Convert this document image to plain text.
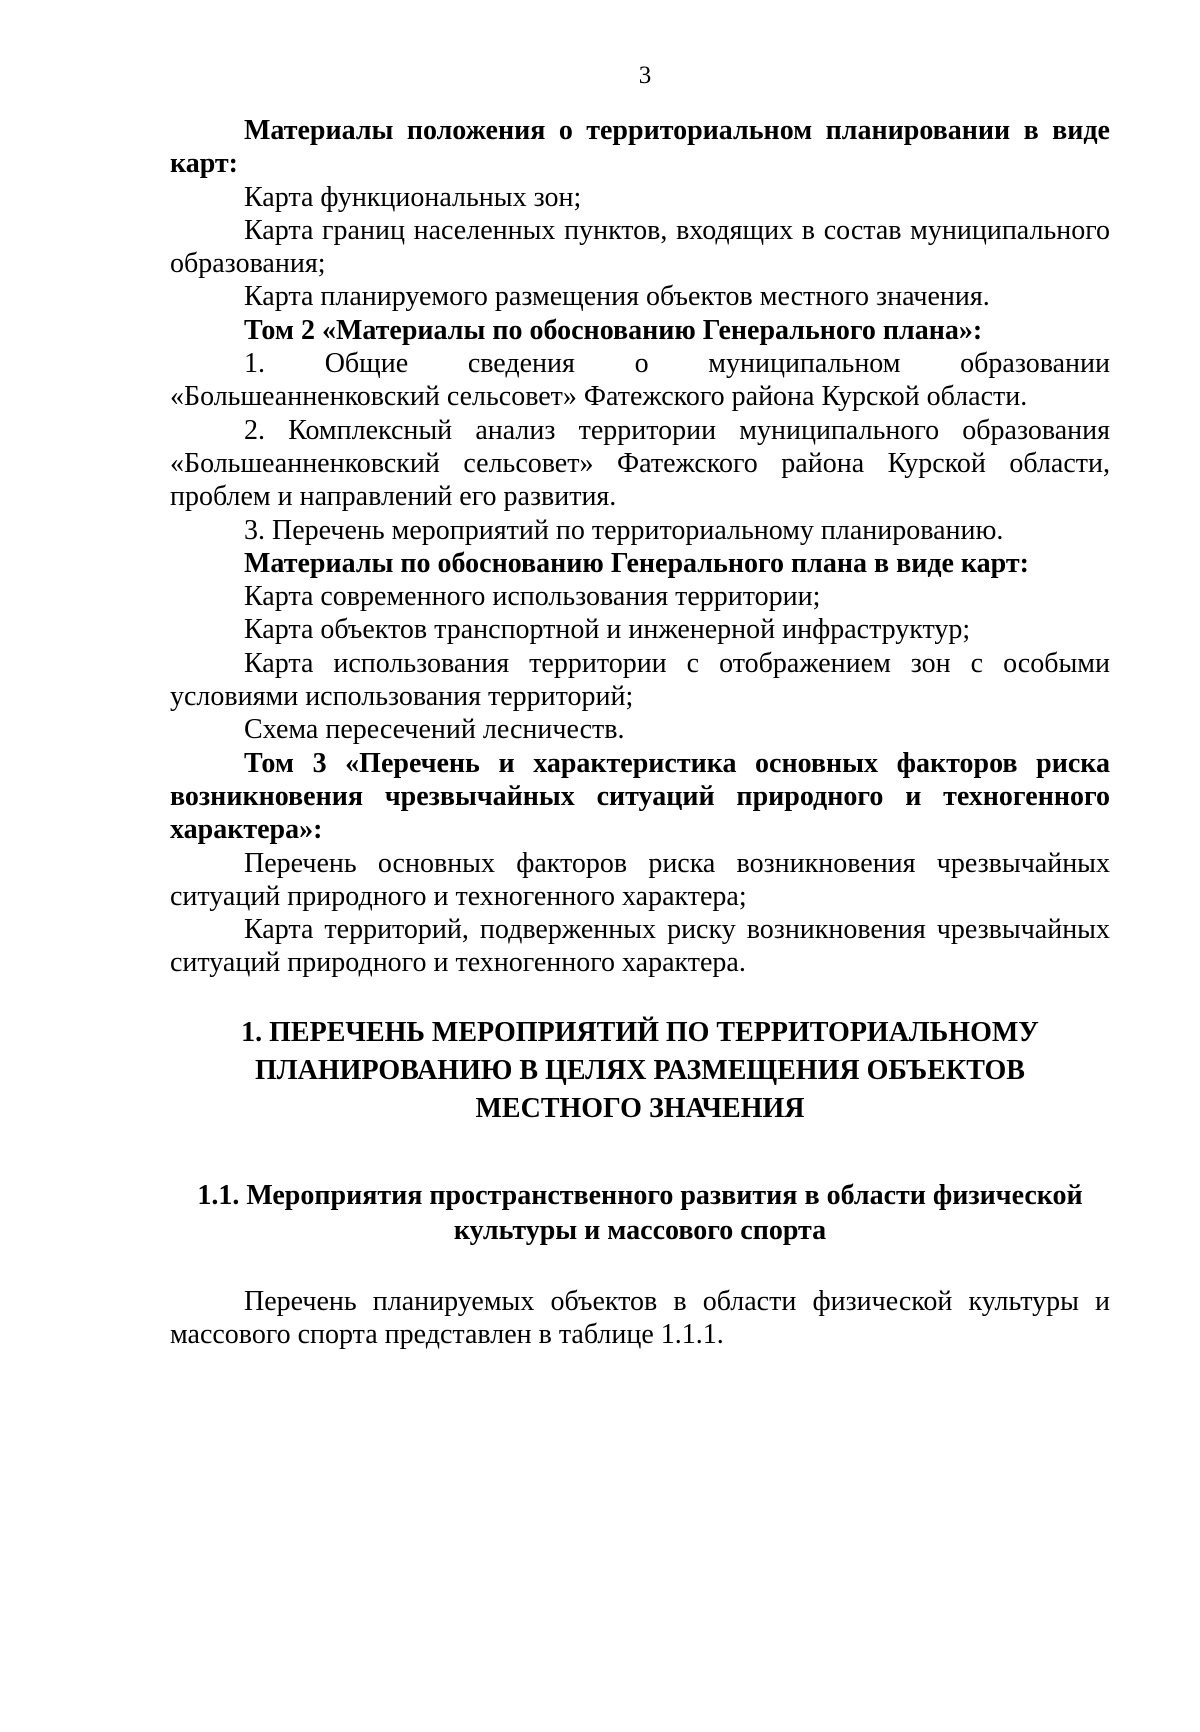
3

Материалы положения о территориальном планировании в виде карт:

Карта функциональных зон;

Карта границ населенных пунктов, входящих в состав муниципального образования;

Карта планируемого размещения объектов местного значения.

Том 2 «Материалы по обоснованию Генерального плана»:

1. Общие сведения о муниципальном образовании «Большеанненковский сельсовет» Фатежского района Курской области.

2. Комплексный анализ территории муниципального образования «Большеанненковский сельсовет» Фатежского района Курской области, проблем и направлений его развития.

3. Перечень мероприятий по территориальному планированию.

Материалы по обоснованию Генерального плана в виде карт:

Карта современного использования территории;

Карта объектов транспортной и инженерной инфраструктур;

Карта использования территории с отображением зон с особыми условиями использования территорий;

Схема пересечений лесничеств.

Том 3 «Перечень и характеристика основных факторов риска возникновения чрезвычайных ситуаций природного и техногенного характера»:

Перечень основных факторов риска возникновения чрезвычайных ситуаций природного и техногенного характера;

Карта территорий, подверженных риску возникновения чрезвычайных ситуаций природного и техногенного характера.

1. ПЕРЕЧЕНЬ МЕРОПРИЯТИЙ ПО ТЕРРИТОРИАЛЬНОМУ
ПЛАНИРОВАНИЮ В ЦЕЛЯХ РАЗМЕЩЕНИЯ ОБЪЕКТОВ
МЕСТНОГО ЗНАЧЕНИЯ
1.1. Мероприятия пространственного развития в области физической
культуры и массового спорта

Перечень планируемых объектов в области физической культуры и массового спорта представлен в таблице 1.1.1.
